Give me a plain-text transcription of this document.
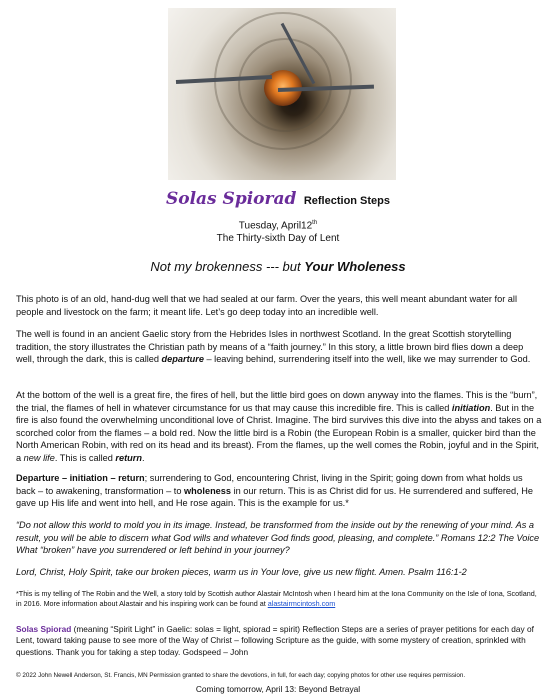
Solas Spiorad Reflection Steps
Tuesday, April12th
The Thirty-sixth Day of Lent
Not my brokenness --- but Your Wholeness
This photo is of an old, hand-dug well that we had sealed at our farm. Over the years, this well meant abundant water for all people and livestock on the farm; it meant life. Let’s go deep today into an incredible well.
The well is found in an ancient Gaelic story from the Hebrides Isles in northwest Scotland. In the great Scottish storytelling tradition, the story illustrates the Christian path by means of a “faith journey.” In this story, a little brown bird flies down a deep well, through the dark, this is called departure – leaving behind, surrendering itself into the well, like we may surrender to God.
At the bottom of the well is a great fire, the fires of hell, but the little bird goes on down anyway into the flames. This is the “burn”, the trial, the flames of hell in whatever circumstance for us that may cause this incredible fire. This is called initiation. But in the fire is also found the overwhelming unconditional love of Christ. Imagine. The bird survives this dive into the abyss and takes on a scorched color from the flames – a bold red. Now the little bird is a Robin (the European Robin is a smaller, quicker bird than the North American Robin, with red on its head and its breast). From the flames, up the well comes the Robin, joyful and in the Spirit, a new life. This is called return.
Departure – initiation – return; surrendering to God, encountering Christ, living in the Spirit; going down from what holds us back – to awakening, transformation – to wholeness in our return. This is as Christ did for us. He surrendered and suffered, He gave up His life and went into hell, and He rose again. This is the example for us.*
“Do not allow this world to mold you in its image. Instead, be transformed from the inside out by the renewing of your mind. As a result, you will be able to discern what God wills and whatever God finds good, pleasing, and complete.” Romans 12:2 The Voice What “broken” have you surrendered or left behind in your journey?
Lord, Christ, Holy Spirit, take our broken pieces, warm us in Your love, give us new flight. Amen. Psalm 116:1-2
*This is my telling of The Robin and the Well, a story told by Scottish author Alastair McIntosh when I heard him at the Iona Community on the Isle of Iona, Scotland, in 2016. More information about Alastair and his inspiring work can be found at alastairmcintosh.com
Solas Spiorad (meaning “Spirit Light” in Gaelic: solas = light, spiorad = spirit) Reflection Steps are a series of prayer petitions for each day of Lent, toward taking pause to see more of the Way of Christ – following Scripture as the guide, with some mystery of creation, sprinkled with questions. Thank you for taking a step today. Godspeed – John
© 2022 John Newell Anderson, St. Francis, MN Permission granted to share the devotions, in full, for each day; copying photos for other use requires permission.
Coming tomorrow, April 13: Beyond Betrayal
